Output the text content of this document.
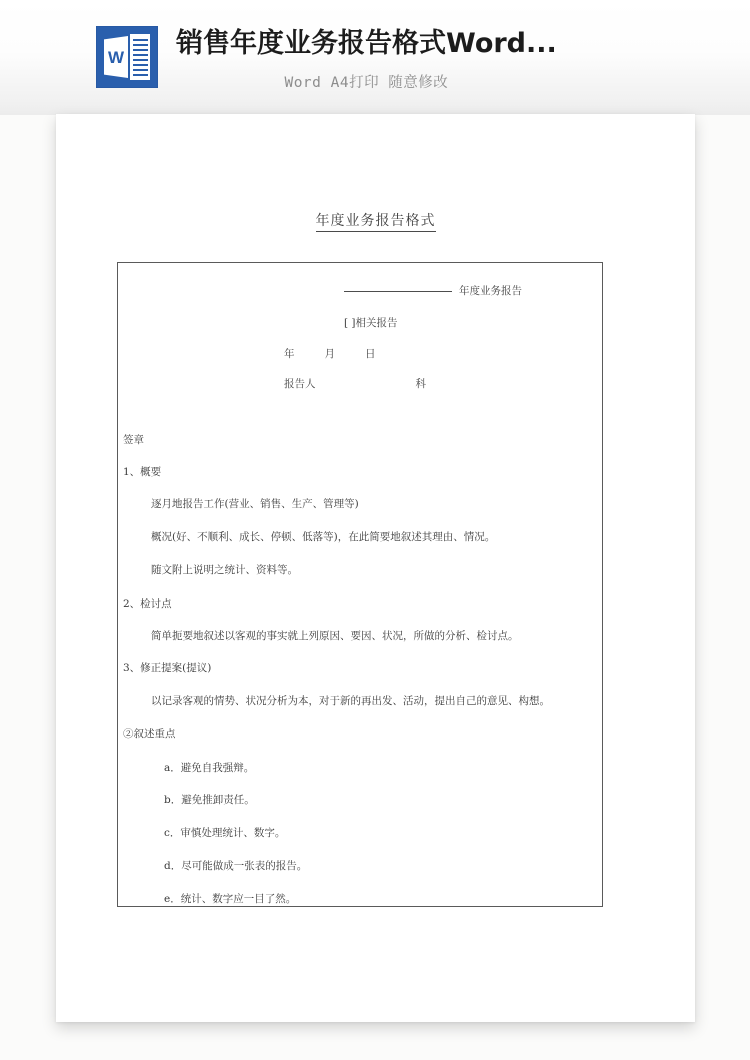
W 销售年度业务报告格式Word...
Word A4打印 随意修改
年度业务报告格式
年度业务报告
[ ]相关报告
年	月	日
报告人	科
签章
1、概要
逐月地报告工作(营业、销售、生产、管理等)
概况(好、不顺利、成长、停顿、低落等)，在此简要地叙述其理由、情况。
随文附上说明之统计、资料等。
2、检讨点
简单扼要地叙述以客观的事实就上列原因、要因、状况，所做的分析、检讨点。
3、修正提案(提议)
以记录客观的情势、状况分析为本，对于新的再出发、活动，提出自己的意见、构想。
②叙述重点
a．避免自我强辩。
b．避免推卸责任。
c．审慎处理统计、数字。
d．尽可能做成一张表的报告。
e．统计、数字应一目了然。
